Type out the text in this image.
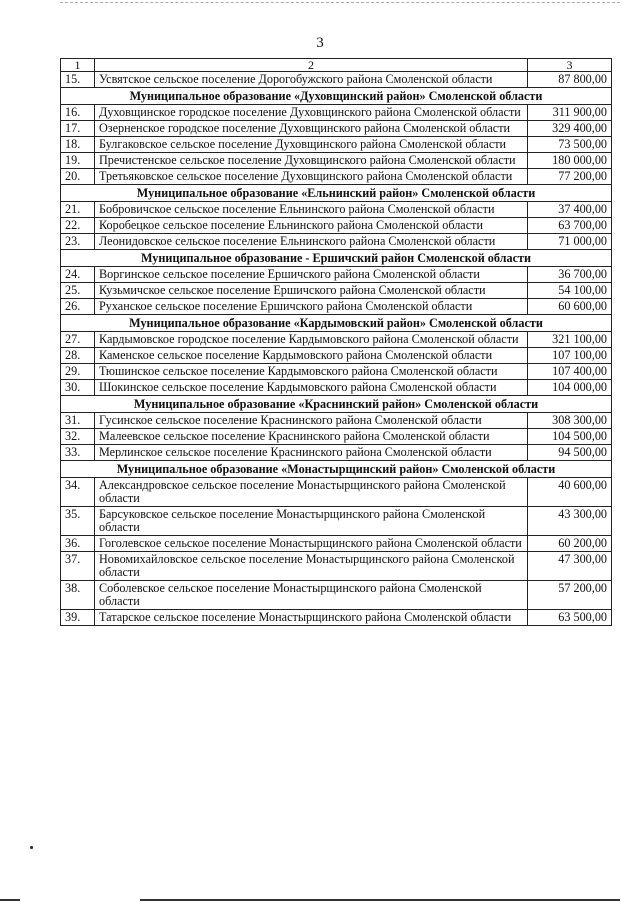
3
1	2	3
15.	Усвятское сельское поселение Дорогобужского района Смоленской области	87 800,00
Муниципальное образование «Духовщинский район» Смоленской области		
16.	Духовщинское городское поселение Духовщинского района Смоленской области	311 900,00
17.	Озерненское городское поселение Духовщинского района Смоленской области	329 400,00
18.	Булгаковское сельское поселение Духовщинского района Смоленской области	73 500,00
19.	Пречистенское сельское поселение Духовщинского района Смоленской области	180 000,00
20.	Третьяковское сельское поселение Духовщинского района Смоленской области	77 200,00
Муниципальное образование «Ельнинский район» Смоленской области		
21.	Бобровичское сельское поселение Ельнинского района Смоленской области	37 400,00
22.	Коробецкое сельское поселение Ельнинского района Смоленской области	63 700,00
23.	Леонидовское сельское поселение Ельнинского района Смоленской области	71 000,00
Муниципальное образование - Ершичский район Смоленской области		
24.	Воргинское сельское поселение Ершичского района Смоленской области	36 700,00
25.	Кузьмичское сельское поселение Ершичского района Смоленской области	54 100,00
26.	Руханское сельское поселение Ершичского района Смоленской области	60 600,00
Муниципальное образование «Кардымовский район» Смоленской области		
27.	Кардымовское городское поселение Кардымовского района Смоленской области	321 100,00
28.	Каменское сельское поселение Кардымовского района Смоленской области	107 100,00
29.	Тюшинское сельское поселение Кардымовского района Смоленской области	107 400,00
30.	Шокинское сельское поселение Кардымовского района Смоленской области	104 000,00
Муниципальное образование «Краснинский район» Смоленской области		
31.	Гусинское сельское поселение Краснинского района Смоленской области	308 300,00
32.	Малеевское сельское поселение Краснинского района Смоленской области	104 500,00
33.	Мерлинское сельское поселение Краснинского района Смоленской области	94 500,00
Муниципальное образование «Монастырщинский район» Смоленской области		
34.	Александровское сельское поселение Монастырщинского района Смоленской области	40 600,00
35.	Барсуковское сельское поселение Монастырщинского района Смоленской области	43 300,00
36.	Гоголевское сельское поселение Монастырщинского района Смоленской области	60 200,00
37.	Новомихайловское сельское поселение Монастырщинского района Смоленской области	47 300,00
38.	Соболевское сельское поселение Монастырщинского района Смоленской области	57 200,00
39.	Татарское сельское поселение Монастырщинского района Смоленской области	63 500,00
